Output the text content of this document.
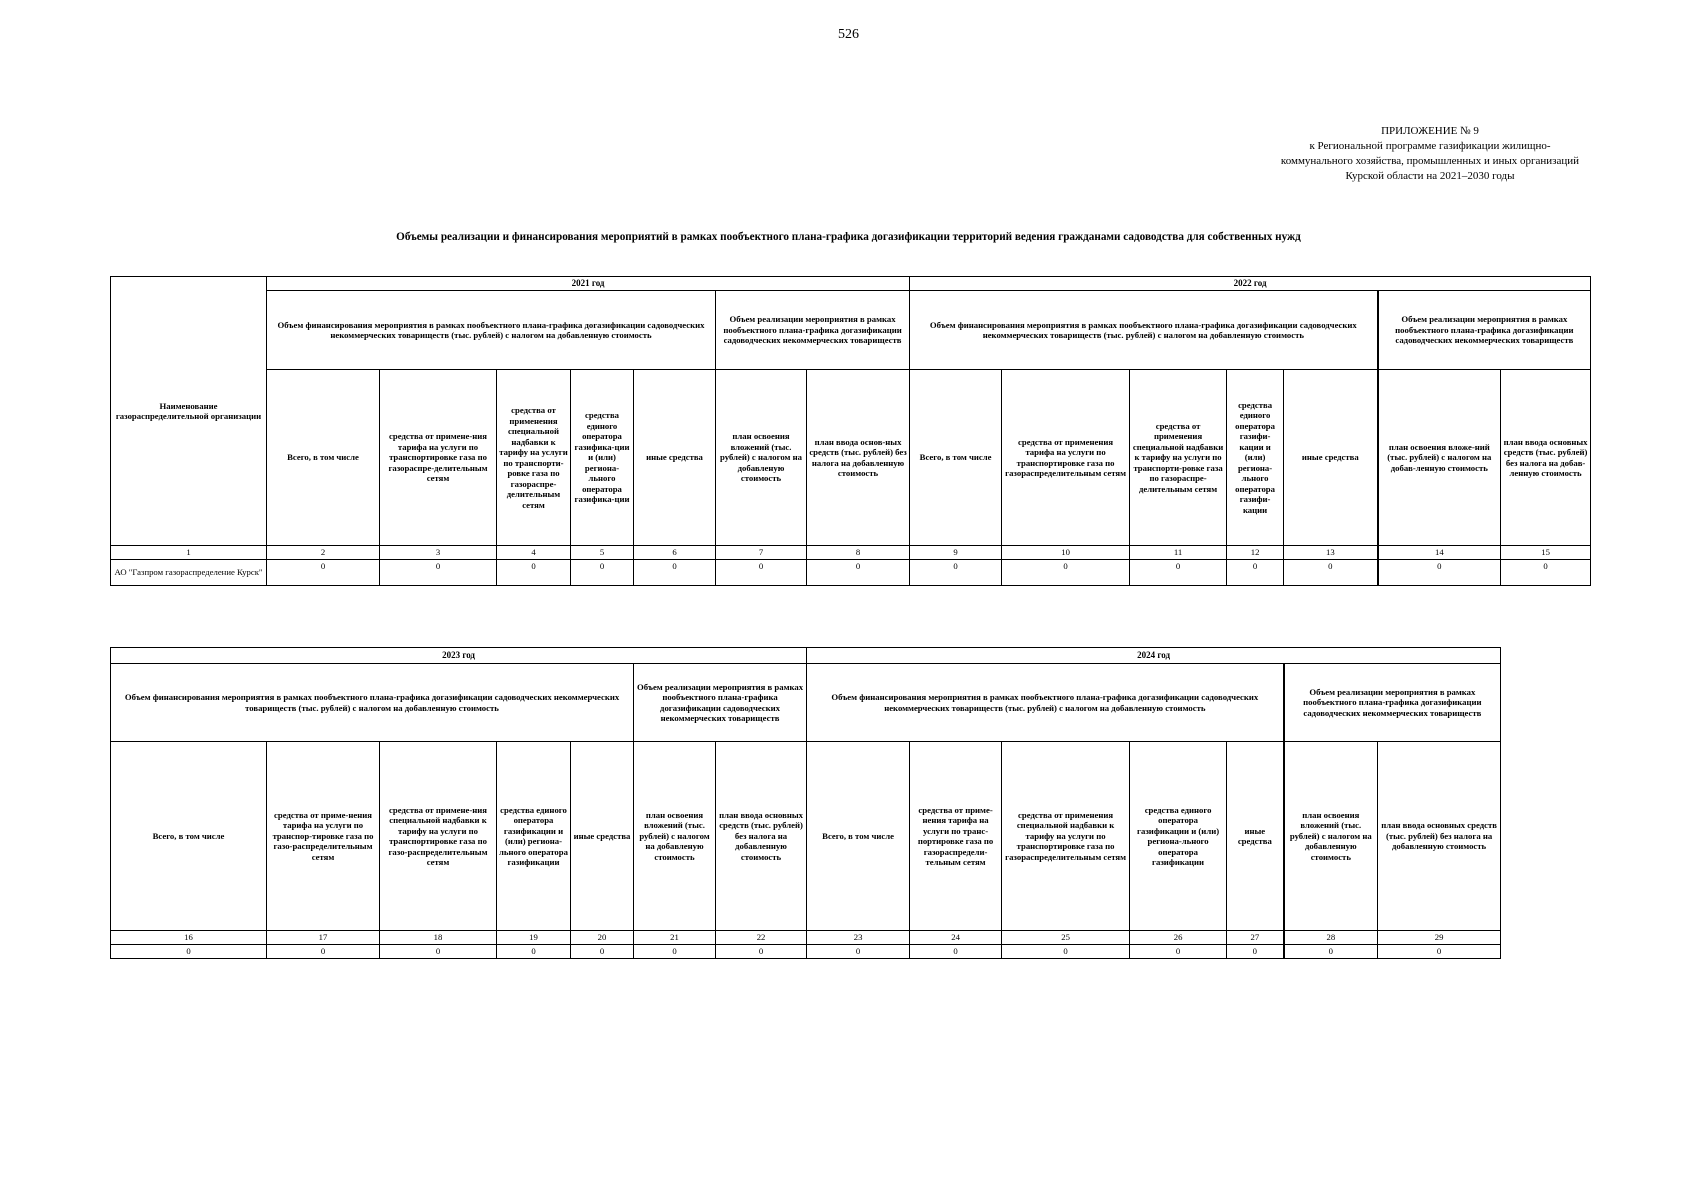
526
ПРИЛОЖЕНИЕ № 9
к Региональной программе газификации жилищно-
коммунального хозяйства, промышленных и иных организаций
Курской области на 2021–2030 годы
Объемы реализации и финансирования мероприятий в рамках пообъектного плана-графика догазификации территорий ведения гражданами садоводства для собственных нужд
Наименование газораспределительной организации	2021 год							2022 год						
	Объем финансирования мероприятия в рамках пообъектного плана-графика догазификации садоводческих некоммерческих товариществ (тыс. рублей) с налогом на добавленную стоимость					Объем реализации мероприятия в рамках пообъектного плана-графика догазификации садоводческих некоммерческих товариществ		Объем финансирования мероприятия в рамках пообъектного плана-графика догазификации садоводческих некоммерческих товариществ (тыс. рублей) с налогом на добавленную стоимость					Объем реализации мероприятия в рамках пообъектного плана-графика догазификации садоводческих некоммерческих товариществ	
	Всего, в том числе	средства от примене-ния тарифа на услуги по транспортировке газа по газораспре-делительным сетям	средства от применения специальной надбавки к тарифу на услуги по транспорти-ровке газа по газораспре-делительным сетям	средства единого оператора газифика-ции и (или) региона-льного оператора газифика-ции	иные средства	план освоения вложений (тыс. рублей) с налогом на добавленую стоимость	план ввода основ-ных средств (тыс. рублей) без налога на добавленную стоимость	Всего, в том числе	средства от применения тарифа на услуги по транспортировке газа по газораспределительным сетям	средства от применения специальной надбавки к тарифу на услуги по транспорти-ровке газа по газораспре-делительным сетям	средства единого оператора газифи-кации и (или) региона-льного оператора газифи-кации	иные средства	план освоения вложе-ний (тыс. рублей) с налогом на добав-ленную стоимость	план ввода основных средств (тыс. рублей) без налога на добав-ленную стоимость
1	2	3	4	5	6	7	8	9	10	11	12	13	14	15
АО "Газпром газораспределение Курск"	0	0	0	0	0	0	0	0	0	0	0	0	0	0
2023 год							2024 год						
Объем финансирования мероприятия в рамках пообъектного плана-графика догазификации садоводческих некоммерческих товариществ (тыс. рублей) с налогом на добавленную стоимость					Объем реализации мероприятия в рамках пообъектного плана-графика догазификации садоводческих некоммерческих товариществ		Объем финансирования мероприятия в рамках пообъектного плана-графика догазификации садоводческих некоммерческих товариществ (тыс. рублей) с налогом на добавленную стоимость					Объем реализации мероприятия в рамках пообъектного плана-графика догазификации садоводческих некоммерческих товариществ	
Всего, в том числе	средства от приме-нения тарифа на услуги по транспор-тировке газа по газо-распределительным сетям	средства от примене-ния специальной надбавки к тарифу на услуги по транспортировке газа по газо-распределительным сетям	средства единого оператора газификации и (или) региона-льного оператора газификации	иные средства	план освоения вложений (тыс. рублей) с налогом на добавленую стоимость	план ввода основных средств (тыс. рублей) без налога на добавленную стоимость	Всего, в том числе	средства от приме-нения тарифа на услуги по транс-портировке газа по газораспредели-тельным сетям	средства от применения специальной надбавки к тарифу на услуги по транспортировке газа по газораспределительным сетям	средства единого оператора газификации и (или) региона-льного оператора газификации	иные средства	план освоения вложений (тыс. рублей) с налогом на добавленную стоимость	план ввода основных средств (тыс. рублей) без налога на добавленную стоимость
16	17	18	19	20	21	22	23	24	25	26	27	28	29
0	0	0	0	0	0	0	0	0	0	0	0	0	0
